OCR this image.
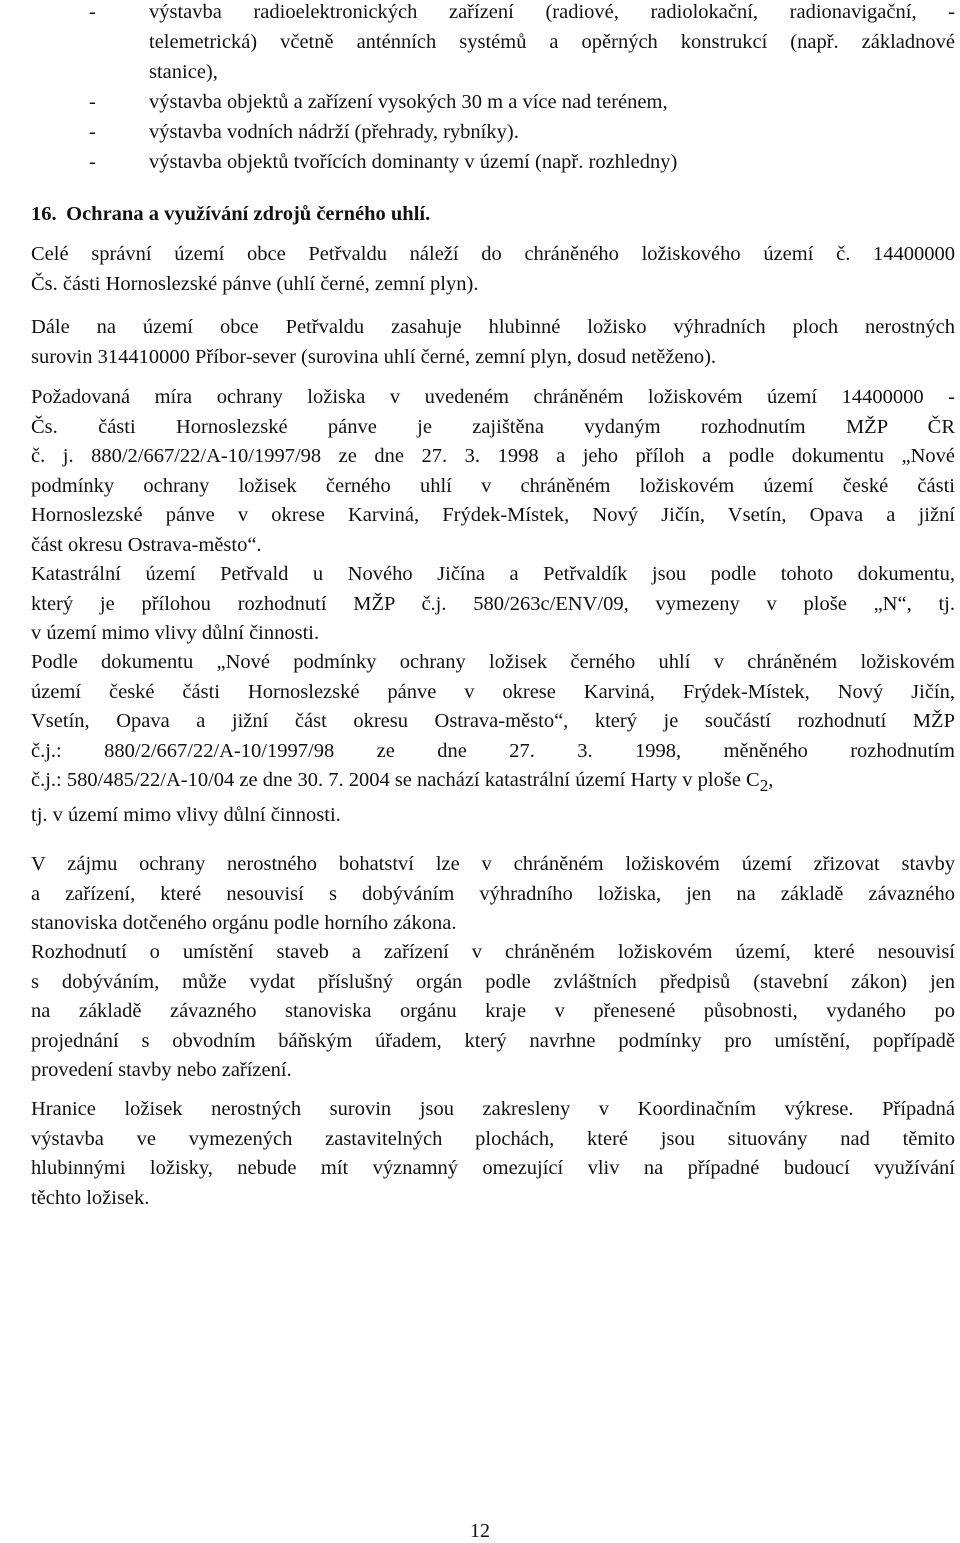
-	výstavba radioelektronických zařízení (radiové, radiolokační, radionavigační, -
telemetrická) včetně anténních systémů a opěrných konstrukcí (např. základnové
stanice),
-	výstavba objektů a zařízení vysokých 30 m a více nad terénem,
-	výstavba vodních nádrží (přehrady, rybníky).
-	výstavba objektů tvořících dominanty v území (např. rozhledny)
16. Ochrana a využívání zdrojů černého uhlí.
Celé správní území obce Petřvaldu náleží do chráněného ložiskového území č. 14400000
Čs. části Hornoslezské pánve (uhlí černé, zemní plyn).
Dále na území obce Petřvaldu zasahuje hlubinné ložisko výhradních ploch nerostných
surovin 314410000 Příbor-sever (surovina uhlí černé, zemní plyn, dosud netěženo).
Požadovaná míra ochrany ložiska v uvedeném chráněném ložiskovém území 14400000 -
Čs. části Hornoslezské pánve je zajištěna vydaným rozhodnutím MŽP ČR
č. j. 880/2/667/22/A-10/1997/98 ze dne 27. 3. 1998 a jeho příloh a podle dokumentu „Nové
podmínky ochrany ložisek černého uhlí v chráněném ložiskovém území české části
Hornoslezské pánve v okrese Karviná, Frýdek-Místek, Nový Jičín, Vsetín, Opava a jižní
část okresu Ostrava-město“.
Katastrální území Petřvald u Nového Jičína a Petřvaldík jsou podle tohoto dokumentu,
který je přílohou rozhodnutí MŽP č.j. 580/263c/ENV/09, vymezeny v ploše „N“, tj.
v území mimo vlivy důlní činnosti.
Podle dokumentu „Nové podmínky ochrany ložisek černého uhlí v chráněném ložiskovém
území české části Hornoslezské pánve v okrese Karviná, Frýdek-Místek, Nový Jičín,
Vsetín, Opava a jižní část okresu Ostrava-město“, který je součástí rozhodnutí MŽP
č.j.: 880/2/667/22/A-10/1997/98 ze dne 27. 3. 1998, měněného rozhodnutím
č.j.: 580/485/22/A-10/04 ze dne 30. 7. 2004 se nachází katastrální území Harty v ploše $C_2$,
tj. v území mimo vlivy důlní činnosti.
V zájmu ochrany nerostného bohatství lze v chráněném ložiskovém území zřizovat stavby
a zařízení, které nesouvisí s dobýváním výhradního ložiska, jen na základě závazného
stanoviska dotčeného orgánu podle horního zákona.
Rozhodnutí o umístění staveb a zařízení v chráněném ložiskovém území, které nesouvisí
s dobýváním, může vydat příslušný orgán podle zvláštních předpisů (stavební zákon) jen
na základě závazného stanoviska orgánu kraje v přenesené působnosti, vydaného po
projednání s obvodním báňským úřadem, který navrhne podmínky pro umístění, popřípadě
provedení stavby nebo zařízení.
Hranice ložisek nerostných surovin jsou zakresleny v Koordinačním výkrese. Případná
výstavba ve vymezených zastavitelných plochách, které jsou situovány nad těmito
hlubinnými ložisky, nebude mít významný omezující vliv na případné budoucí využívání
těchto ložisek.
12
